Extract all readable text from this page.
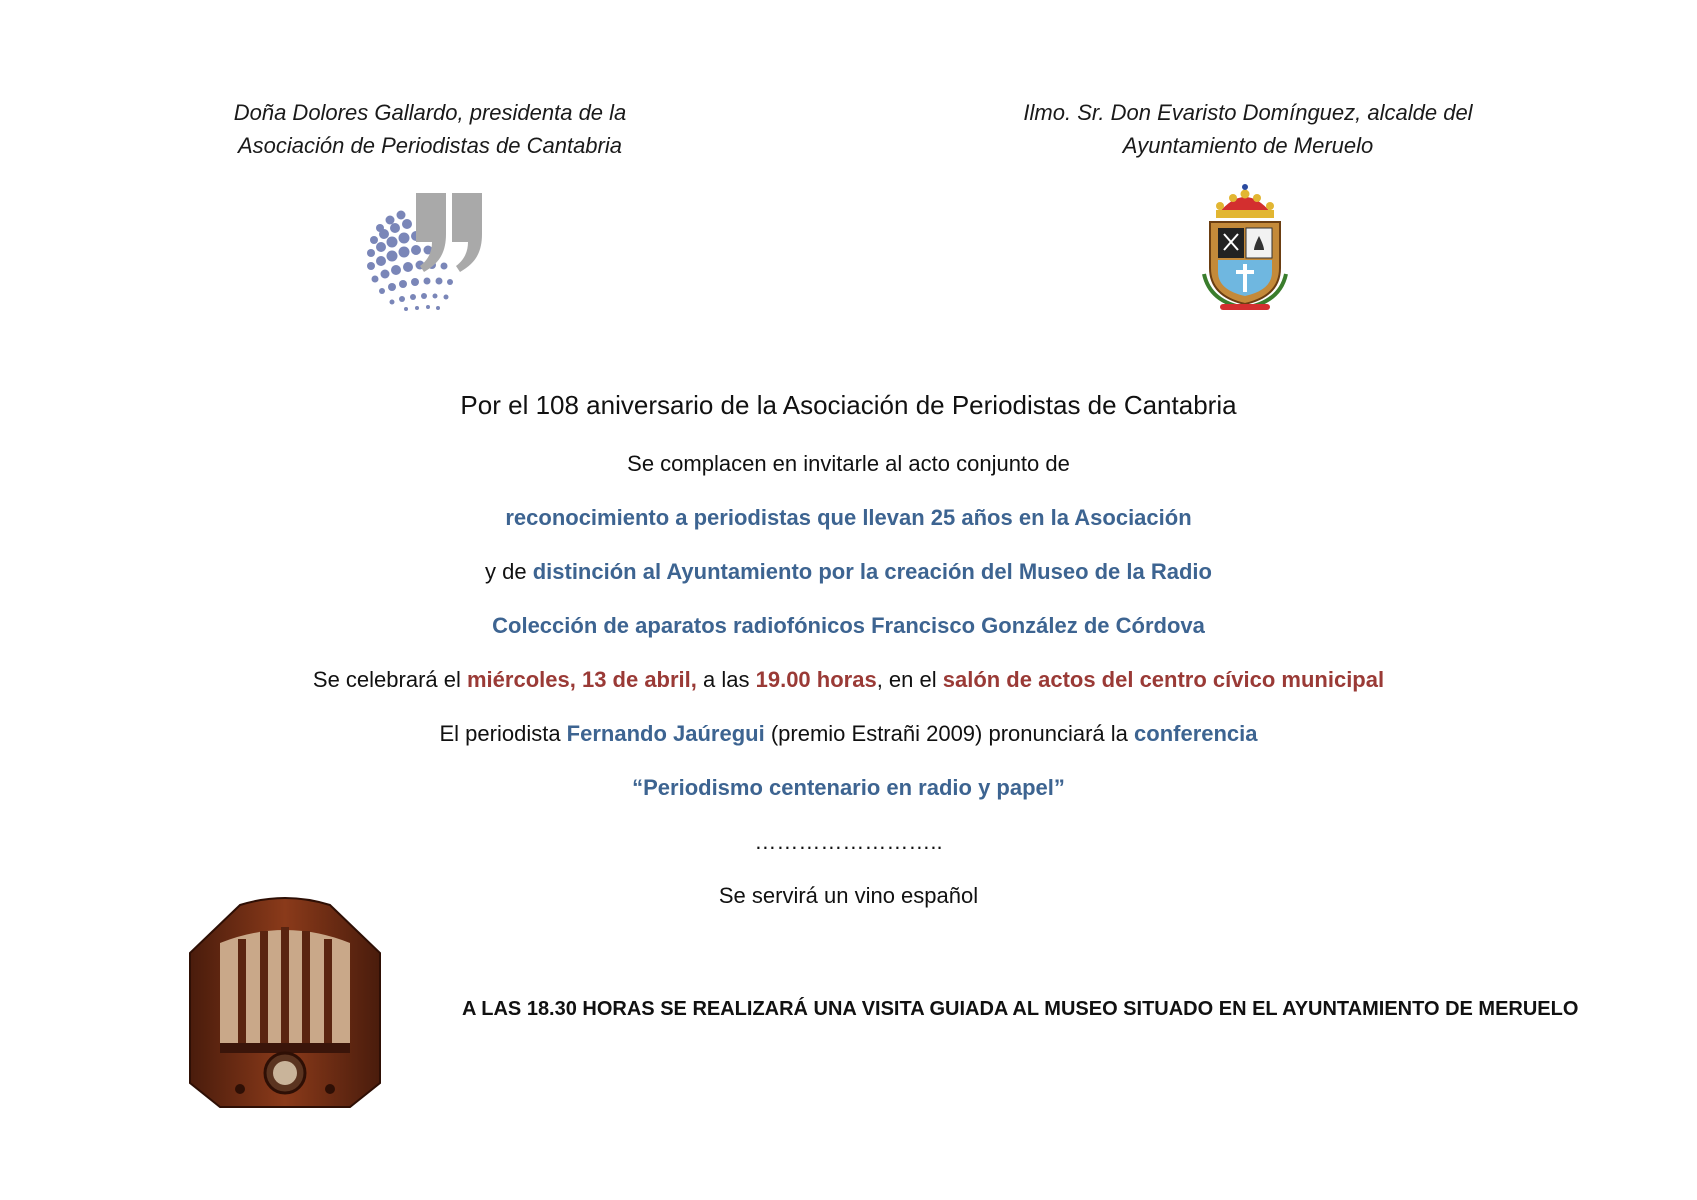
Doña Dolores Gallardo, presidenta de la
Asociación de Periodistas de Cantabria
Ilmo. Sr. Don Evaristo Domínguez, alcalde del
Ayuntamiento de Meruelo
Por el 108 aniversario de la Asociación de Periodistas de Cantabria
Se complacen en invitarle al acto conjunto de
reconocimiento a periodistas que llevan 25 años en la Asociación
y de distinción al Ayuntamiento por la creación del Museo de la Radio
Colección de aparatos radiofónicos Francisco González de Córdova
Se celebrará el miércoles, 13 de abril, a las 19.00 horas, en el salón de actos del centro cívico municipal
El periodista Fernando Jaúregui (premio Estrañi 2009) pronunciará la conferencia
“Periodismo centenario en radio y papel”
……………………..
Se servirá un vino español
A LAS 18.30 HORAS SE REALIZARÁ UNA VISITA GUIADA AL MUSEO SITUADO EN EL AYUNTAMIENTO DE MERUELO
